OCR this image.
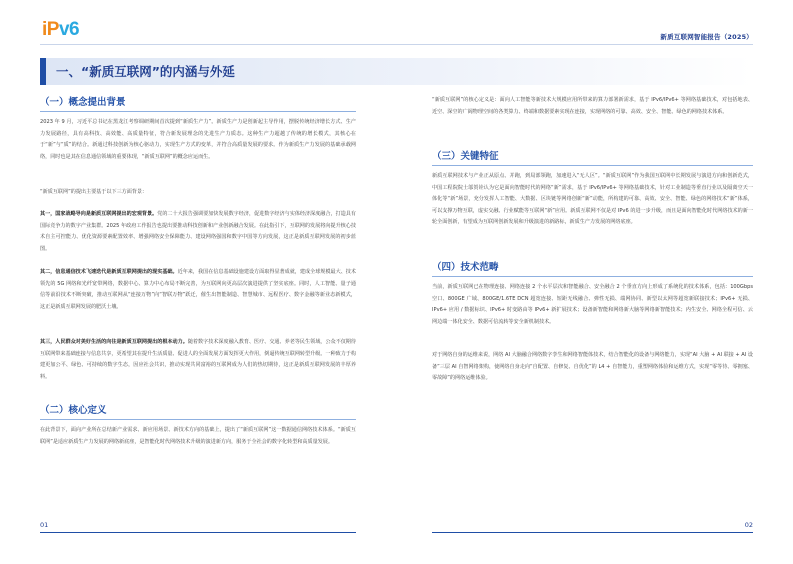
iP v6	新质互联网智能报告（2025）
一、“新质互联网”的内涵与外延
（一）概念提出背景
2023 年 9 月，习近平总书记在黑龙江考察调研期间首次提到“新质生产力”。新质生产力是创新起主导作用，摆脱传统经济增长方式、生产力发展路径，具有高科技、高效能、高质量特征，符合新发展理念的先进生产力质态。这种生产力超越了传统的增长模式，其核心在于“新”与“质”的结合。新通过科技创新为核心驱动力，实现生产方式的变革，并符合高质量发展的要求。作为新质生产力发展的基础承载网络，同时也是其在信息通信领域的重要体现，“新质互联网”的概念应运而生。
“新质互联网”的提出主要基于以下三方面背景：
其一，国家战略导向是新质互联网提出的宏观背景。党的二十大报告强调要加快发展数字经济，促进数字经济与实体经济深度融合，打造具有国际竞争力的数字产业集群。2025 年政府工作报告也提出要推动科技创新和产业创新融合发展。在此指引下，互联网的发展将向提升核心技术自主可控能力、优化资源要素配置效率、增强网络安全保障能力、建设网络强国和数字中国等方向发展，这正是新质互联网发展的初步蓝图。
其二，信息通信技术飞速迭代是新质互联网提出的现实基础。近年来，我国在信息基础设施建设方面取得显著成就，建成全球规模最大、技术领先的 5G 网络和光纤宽带网络，数据中心、算力中心布局不断完善，为互联网向更高层次演进提供了坚实底座。同时，人工智能、量子通信等前沿技术不断突破，推动互联网从“连接万物”向“智联万物”跃迁，催生出智能制造、智慧城市、远程医疗、数字金融等新业态新模式，这正是新质互联网发展的肥沃土壤。
其三，人民群众对美好生活的向往是新质互联网提出的根本动力。随着数字技术深度融入教育、医疗、交通、养老等民生领域，公众不仅期待互联网带来基础连接与信息共享，更希望其在提升生活质量、促进人的全面发展方面发挥更大作用，倒逼传统互联网转型升级。一种致力于构建更加公平、绿色、可持续的数字生态，因应社会共识，推动实现共同富裕的互联网成为人们的热切期待，这正是新质互联网发展的丰厚养料。
（二）核心定义
在此背景下，面向产业所在总结新产业需求、新应用场景、新技术方向的基础上，提出了“新质互联网”这一数据通信网络技术体系。“新质互联网”是适应新质生产力发展的网络新底座，是智能化时代网络技术升级的演进新方向，服务于全社会的数字化转型和高质量发展。
“新质互联网”的核心定义是：面向人工智能等新技术大规模应用所带来的算力部署新需求，基于 IPv6/IPv6+ 等网络基础技术，对包括地表、近空、深空的广阔物理空间的各类算力、终端和数据要素实现在连接，实现网络的可靠、高效、安全、智能、绿色的网络技术体系。
（三）关键特征
新质互联网技术与产业正从原点、并跑，到局部领跑，加速进入“无人区”。“新质互联网”作为我国互联网中长期发展与演进方向和创新范式，中国工程院院士邬贺铨认为它是面向智能时代的网络“新”需求，基于 IPv6/IPv6+ 等网络基础技术，针对工业制造等垂直行业以及隔离空天一体化等“新”场景，充分发挥人工智能、大数据、区块链等网络创新“新”动能，所构建的可靠、高效、安全、智能、绿色的网络技术“新”体系，可以支撑万物互联，虚实交融、行业赋能等互联网“新”应用。新质互联网不仅是对 IPv6 的进一步升级，而且是面向智能化时代网络技术的新一轮全面创新，有望成为互联网创新发展和升级演进的新路标，新质生产力发展的网络底座。
（四）技术范畴
当前，新质互联网已在物理连接、网络连接 2 个水平层次和智能融合、安全融合 2 个垂直方向上形成了系统化的技术体系，包括：100Gbps 空口、800GE 广域、800GE/1.6TE DCN 超宽连接、短距无线融合、弹性无损、端网协同、新型以太网等超宽新联接技术；IPv6+ 无损、IPv6+ 应用 / 数据标识、IPv6+ 时变路由等 IPv6+ 新扩展技术；设备新智能和网络新大脑等网络新智能技术；内生安全、网络全程可信、云网边端一体化安全、数据可信流转等安全新机制技术。
对于网络自身的运维来说，网络 AI 大脑融合网络数字孪生和网络智能体技术，结合智能化的设备与网络能力，实现“AI 大脑 + AI 联接 + AI 设备”三层 AI 自智网络架构，使网络自身走向“自配置、自修复、自优化”的 L4 + 自智能力，重塑网络体验和运维方式，实现“零等待、零拥塞、零故障”的网络运维体验。
01	02
